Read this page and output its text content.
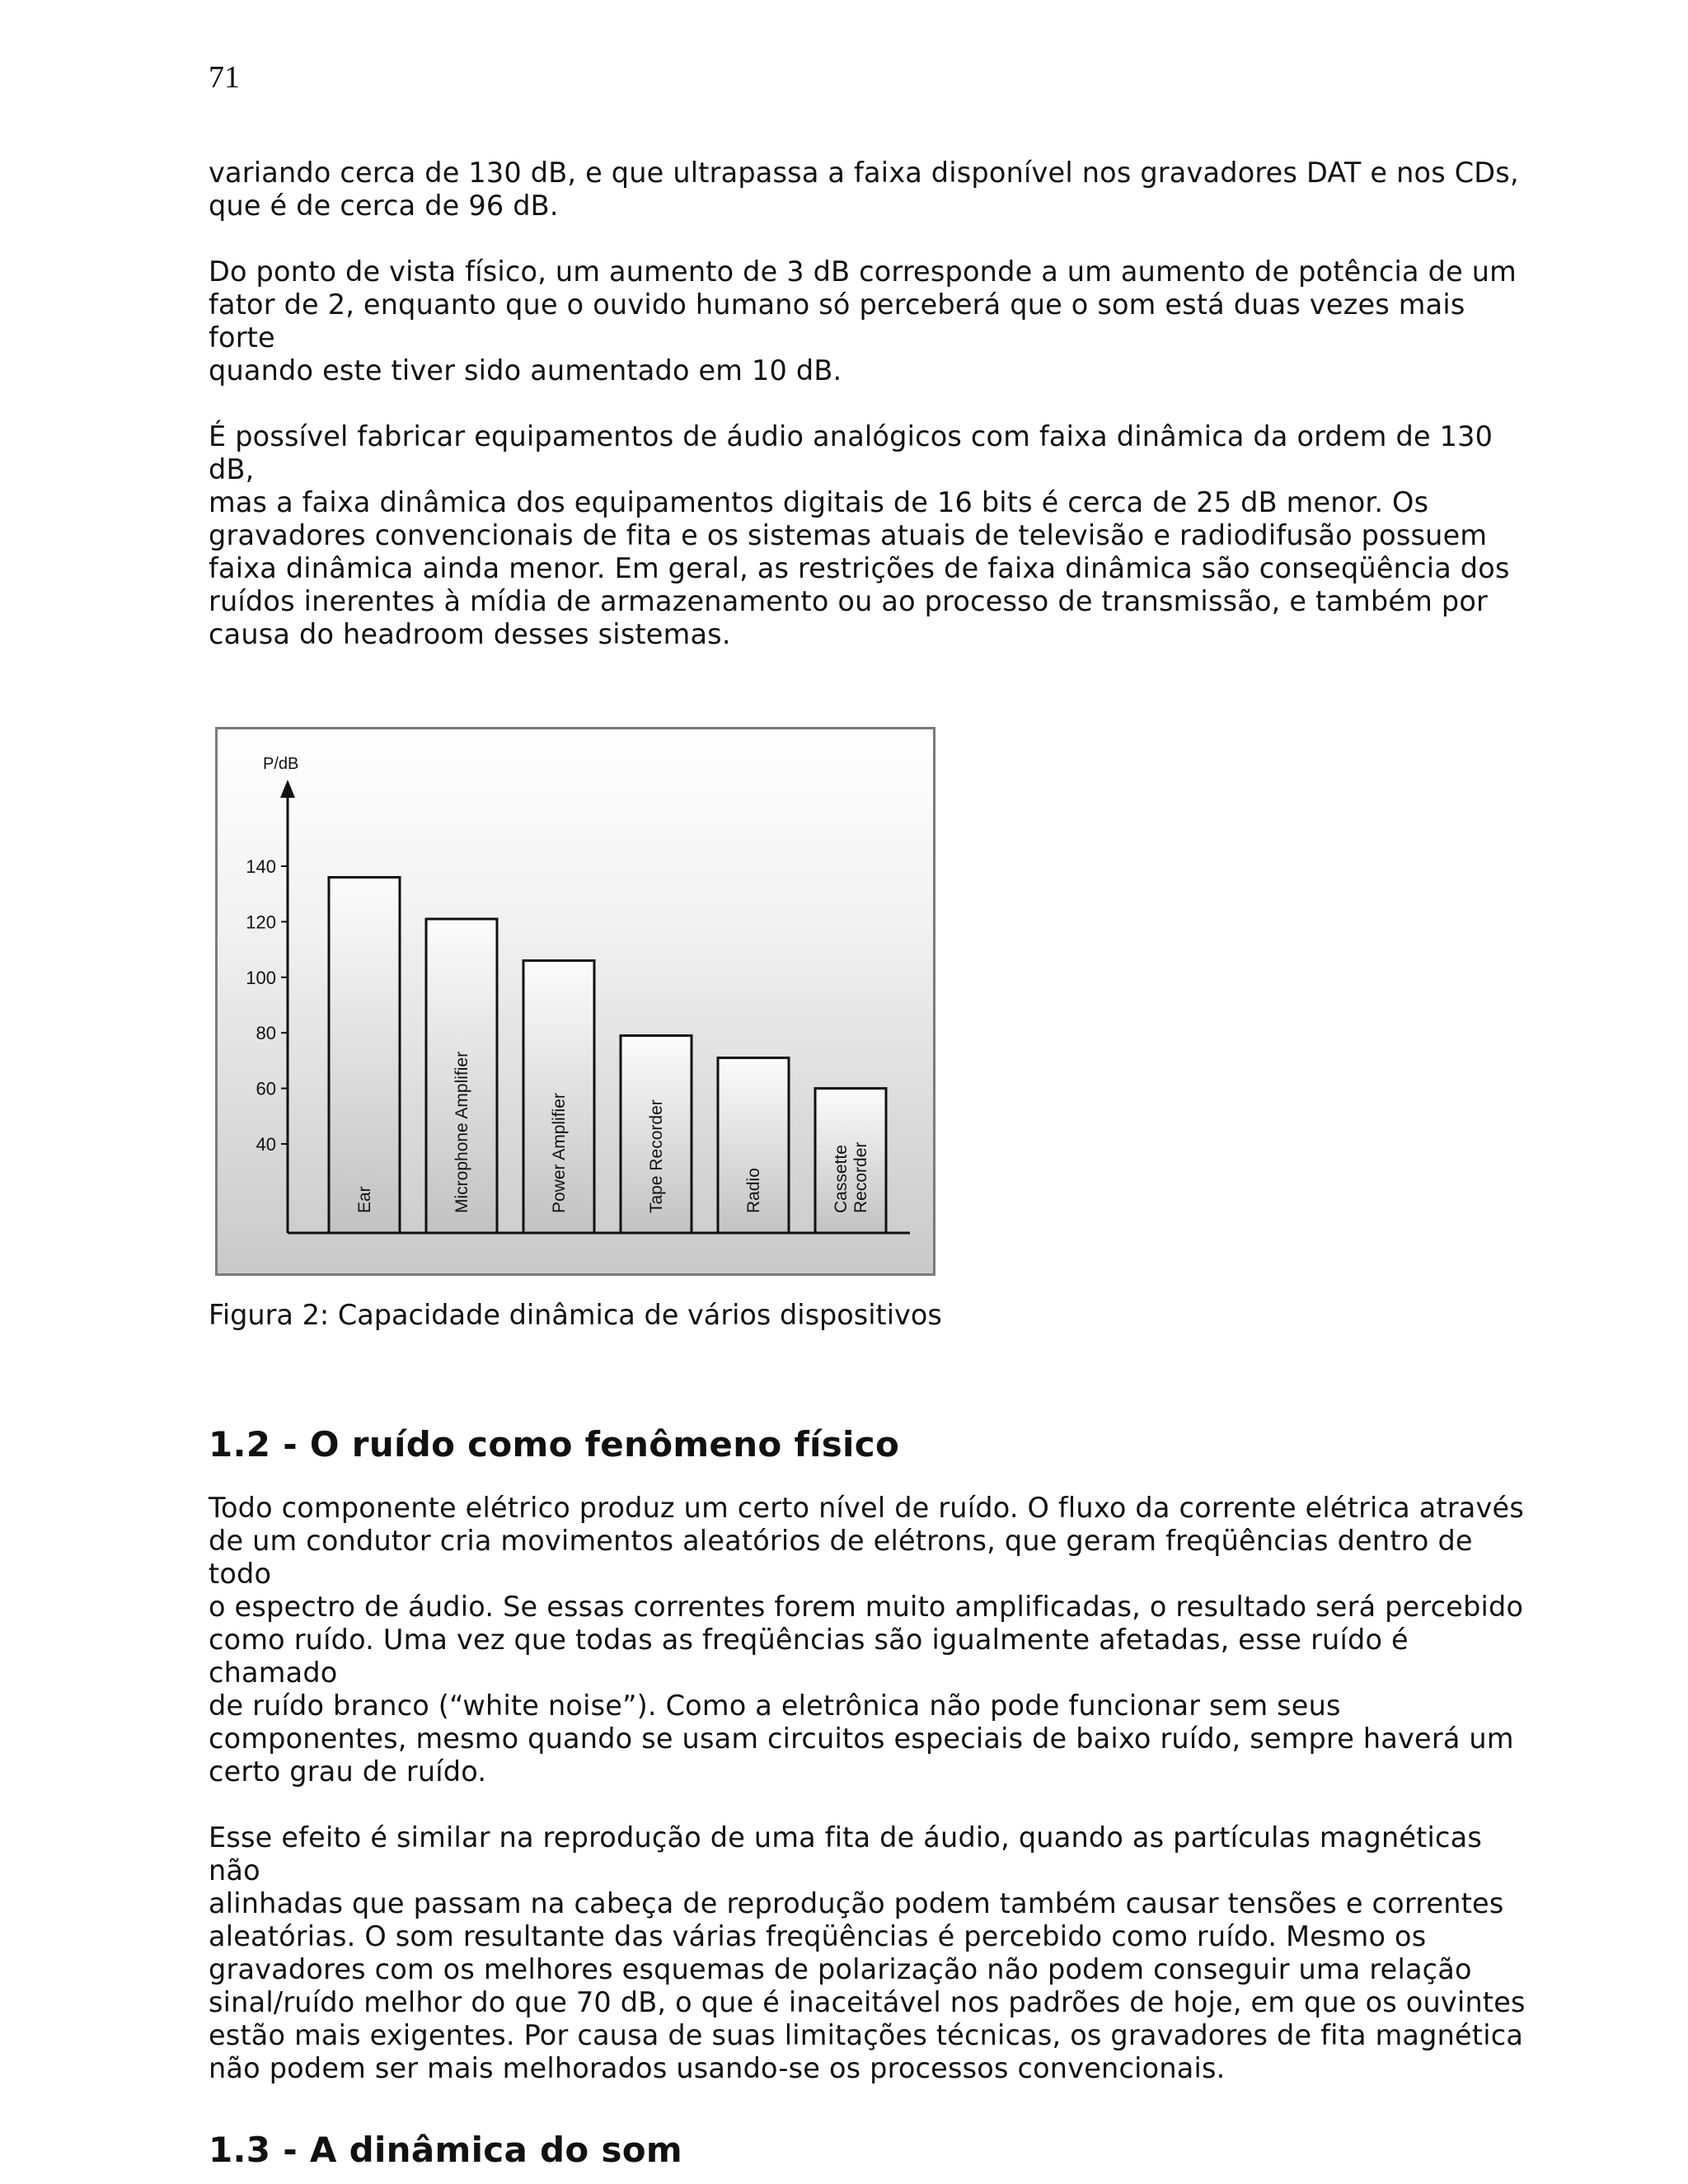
71

variando cerca de 130 dB, e que ultrapassa a faixa disponível nos gravadores DAT e nos CDs,
que é de cerca de 96 dB.

Do ponto de vista físico, um aumento de 3 dB corresponde a um aumento de potência de um
fator de 2, enquanto que o ouvido humano só perceberá que o som está duas vezes mais forte
quando este tiver sido aumentado em 10 dB.

É possível fabricar equipamentos de áudio analógicos com faixa dinâmica da ordem de 130 dB,
mas a faixa dinâmica dos equipamentos digitais de 16 bits é cerca de 25 dB menor. Os
gravadores convencionais de fita e os sistemas atuais de televisão e radiodifusão possuem
faixa dinâmica ainda menor. Em geral, as restrições de faixa dinâmica são conseqüência dos
ruídos inerentes à mídia de armazenamento ou ao processo de transmissão, e também por
causa do headroom desses sistemas.

P/dB
40
60
80
100
120
140
Ear	Microphone Amplifier	Power Amplifier	Tape Recorder	Radio	Cassette Recorder

Figura 2: Capacidade dinâmica de vários dispositivos

1.2 - O ruído como fenômeno físico

Todo componente elétrico produz um certo nível de ruído. O fluxo da corrente elétrica através
de um condutor cria movimentos aleatórios de elétrons, que geram freqüências dentro de todo
o espectro de áudio. Se essas correntes forem muito amplificadas, o resultado será percebido
como ruído. Uma vez que todas as freqüências são igualmente afetadas, esse ruído é chamado
de ruído branco (“white noise”). Como a eletrônica não pode funcionar sem seus
componentes, mesmo quando se usam circuitos especiais de baixo ruído, sempre haverá um
certo grau de ruído.

Esse efeito é similar na reprodução de uma fita de áudio, quando as partículas magnéticas não
alinhadas que passam na cabeça de reprodução podem também causar tensões e correntes
aleatórias. O som resultante das várias freqüências é percebido como ruído. Mesmo os
gravadores com os melhores esquemas de polarização não podem conseguir uma relação
sinal/ruído melhor do que 70 dB, o que é inaceitável nos padrões de hoje, em que os ouvintes
estão mais exigentes. Por causa de suas limitações técnicas, os gravadores de fita magnética
não podem ser mais melhorados usando-se os processos convencionais.

1.3 - A dinâmica do som
